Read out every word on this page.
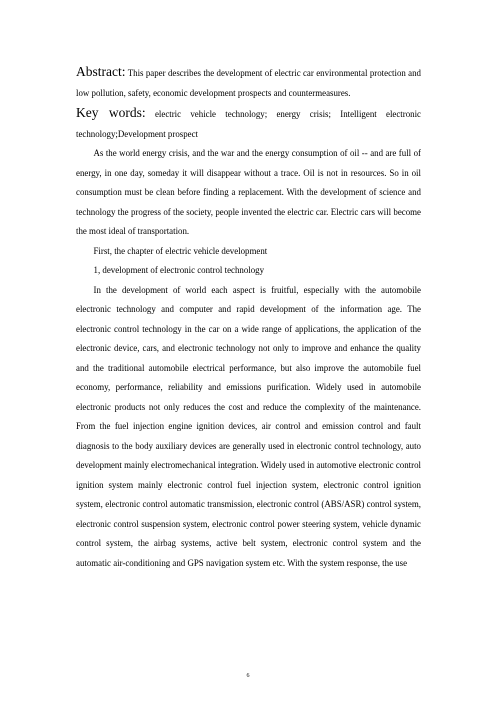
Abstract: This paper describes the development of electric car environmental protection and low pollution, safety, economic development prospects and countermeasures.

Key words: electric vehicle technology; energy crisis; Intelligent electronic technology;Development prospect

As the world energy crisis, and the war and the energy consumption of oil -- and are full of energy, in one day, someday it will disappear without a trace. Oil is not in resources. So in oil consumption must be clean before finding a replacement. With the development of science and technology the progress of the society, people invented the electric car. Electric cars will become the most ideal of transportation.

First, the chapter of electric vehicle development

1, development of electronic control technology

In the development of world each aspect is fruitful, especially with the automobile electronic technology and computer and rapid development of the information age. The electronic control technology in the car on a wide range of applications, the application of the electronic device, cars, and electronic technology not only to improve and enhance the quality and the traditional automobile electrical performance, but also improve the automobile fuel economy, performance, reliability and emissions purification. Widely used in automobile electronic products not only reduces the cost and reduce the complexity of the maintenance. From the fuel injection engine ignition devices, air control and emission control and fault diagnosis to the body auxiliary devices are generally used in electronic control technology, auto development mainly electromechanical integration. Widely used in automotive electronic control ignition system mainly electronic control fuel injection system, electronic control ignition system, electronic control automatic transmission, electronic control (ABS/ASR) control system, electronic control suspension system, electronic control power steering system, vehicle dynamic control system, the airbag systems, active belt system, electronic control system and the automatic air-conditioning and GPS navigation system etc. With the system response, the use

6
